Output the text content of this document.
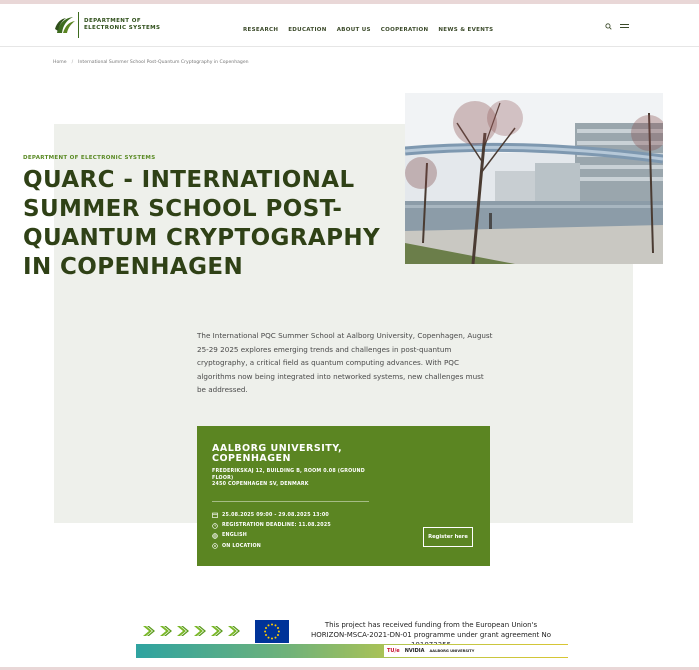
DEPARTMENT OF ELECTRONIC SYSTEMS	RESEARCH EDUCATION ABOUT US COOPERATION NEWS & EVENTS
Home / International Summer School Post-Quantum Cryptography in Copenhagen
DEPARTMENT OF ELECTRONIC SYSTEMS
QUARC - INTERNATIONAL SUMMER SCHOOL POST-QUANTUM CRYPTOGRAPHY IN COPENHAGEN

The International PQC Summer School at Aalborg University, Copenhagen, August 25-29 2025 explores emerging trends and challenges in post-quantum cryptography, a critical field as quantum computing advances. With PQC algorithms now being integrated into networked systems, new challenges must be addressed.

AALBORG UNIVERSITY, COPENHAGEN
FREDERIKSKAJ 12, BUILDING B, ROOM 0.08 (GROUND FLOOR)
2450 COPENHAGEN SV, DENMARK
25.08.2025 09:00 - 29.08.2025 13:00
REGISTRATION DEADLINE: 11.08.2025
ENGLISH
ON LOCATION
Register here
This project has received funding from the European Union's
HORIZON-MSCA-2021-DN-01 programme under grant agreement No
TU/e NVIDIA AALBORG UNIVERSITY
